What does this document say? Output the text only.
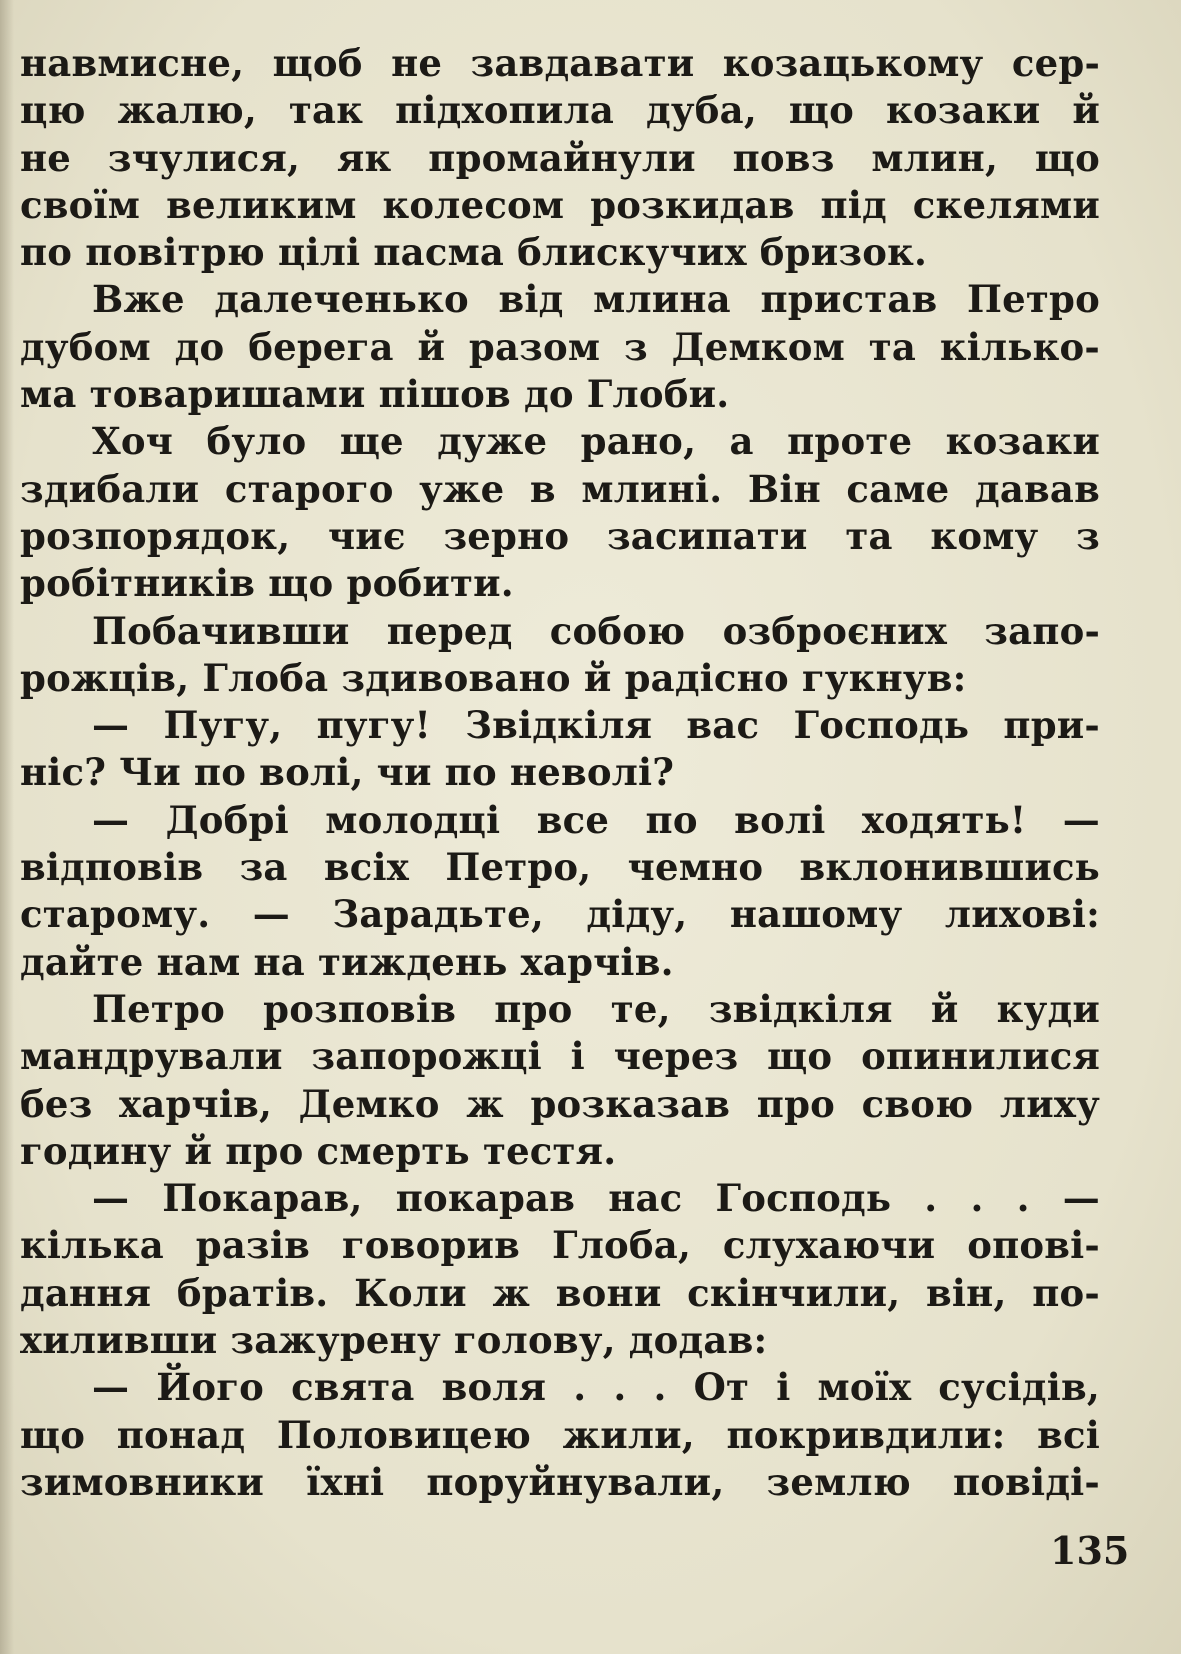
навмисне, щоб не завдавати козацькому сер-
цю жалю, так підхопила дуба, що козаки й
не зчулися, як промайнули повз млин, що
своїм великим колесом розкидав під скелями
по повітрю цілі пасма блискучих бризок.
Вже далеченько від млина пристав Петро
дубом до берега й разом з Демком та кілько-
ма товаришами пішов до Глоби.
Хоч було ще дуже рано, а проте козаки
здибали старого уже в млині. Він саме давав
розпорядок, чиє зерно засипати та кому з
робітників що робити.
Побачивши перед собою озброєних запо-
рожців, Глоба здивовано й радісно гукнув:
— Пугу, пугу! Звідкіля вас Господь при-
ніс? Чи по волі, чи по неволі?
— Добрі молодці все по волі ходять! —
відповів за всіх Петро, чемно вклонившись
старому. — Зарадьте, діду, нашому лихові:
дайте нам на тиждень харчів.
Петро розповів про те, звідкіля й куди
мандрували запорожці і через що опинилися
без харчів, Демко ж розказав про свою лиху
годину й про смерть тестя.
— Покарав, покарав нас Господь . . . —
кілька разів говорив Глоба, слухаючи опові-
дання братів. Коли ж вони скінчили, він, по-
хиливши зажурену голову, додав:
— Його свята воля . . . От і моїх сусідів,
що понад Половицею жили, покривдили: всі
зимовники їхні поруйнували, землю повіді-
135
